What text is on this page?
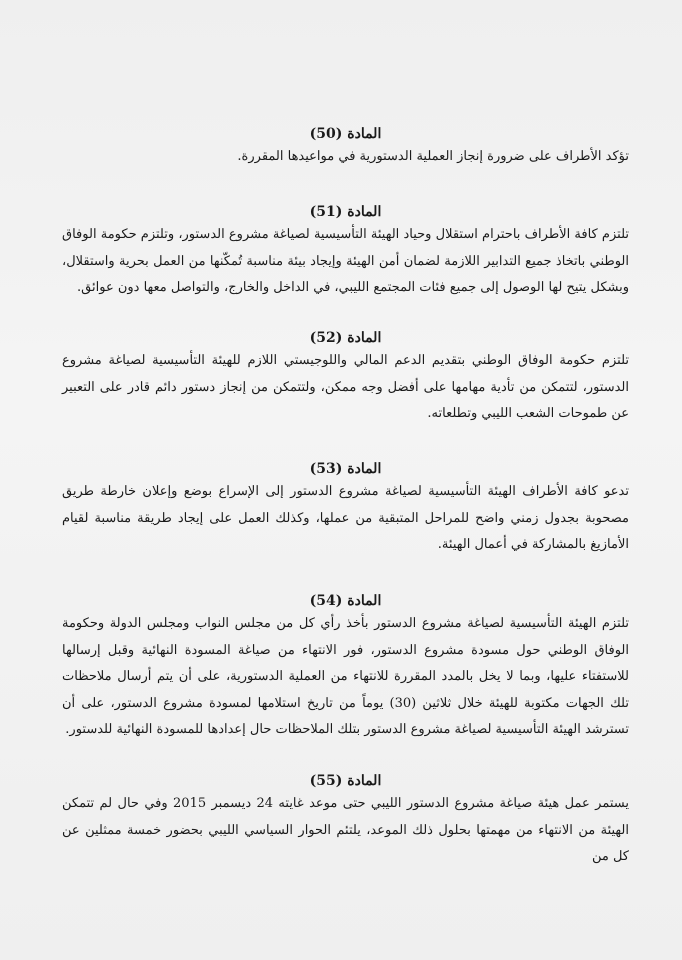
المادة (50)

تؤكد الأطراف على ضرورة إنجاز العملية الدستورية في مواعيدها المقررة.

المادة (51)

تلتزم كافة الأطراف باحترام استقلال وحياد الهيئة التأسيسية لصياغة مشروع الدستور، وتلتزم حكومة الوفاق الوطني باتخاذ جميع التدابير اللازمة لضمان أمن الهيئة وإيجاد بيئة مناسبة تُمكّنها من العمل بحرية واستقلال، وبشكل يتيح لها الوصول إلى جميع فئات المجتمع الليبي، في الداخل والخارج، والتواصل معها دون عوائق.

المادة (52)

تلتزم حكومة الوفاق الوطني بتقديم الدعم المالي واللوجيستي اللازم للهيئة التأسيسية لصياغة مشروع الدستور، لتتمكن من تأدية مهامها على أفضل وجه ممكن، ولتتمكن من إنجاز دستور دائم قادر على التعبير عن طموحات الشعب الليبي وتطلعاته.

المادة (53)

تدعو كافة الأطراف الهيئة التأسيسية لصياغة مشروع الدستور إلى الإسراع بوضع وإعلان خارطة طريق مصحوبة بجدول زمني واضح للمراحل المتبقية من عملها، وكذلك العمل على إيجاد طريقة مناسبة لقيام الأمازيغ بالمشاركة في أعمال الهيئة.

المادة (54)

تلتزم الهيئة التأسيسية لصياغة مشروع الدستور بأخذ رأي كل من مجلس النواب ومجلس الدولة وحكومة الوفاق الوطني حول مسودة مشروع الدستور، فور الانتهاء من صياغة المسودة النهائية وقبل إرسالها للاستفتاء عليها، وبما لا يخل بالمدد المقررة للانتهاء من العملية الدستورية، على أن يتم أرسال ملاحظات تلك الجهات مكتوبة للهيئة خلال ثلاثين (30) يوماً من تاريخ استلامها لمسودة مشروع الدستور، على أن تسترشد الهيئة التأسيسية لصياغة مشروع الدستور بتلك الملاحظات حال إعدادها للمسودة النهائية للدستور.

المادة (55)

يستمر عمل هيئة صياغة مشروع الدستور الليبي حتى موعد غايته 24 ديسمبر 2015 وفي حال لم تتمكن الهيئة من الانتهاء من مهمتها بحلول ذلك الموعد، يلتئم الحوار السياسي الليبي بحضور خمسة ممثلين عن كل من
